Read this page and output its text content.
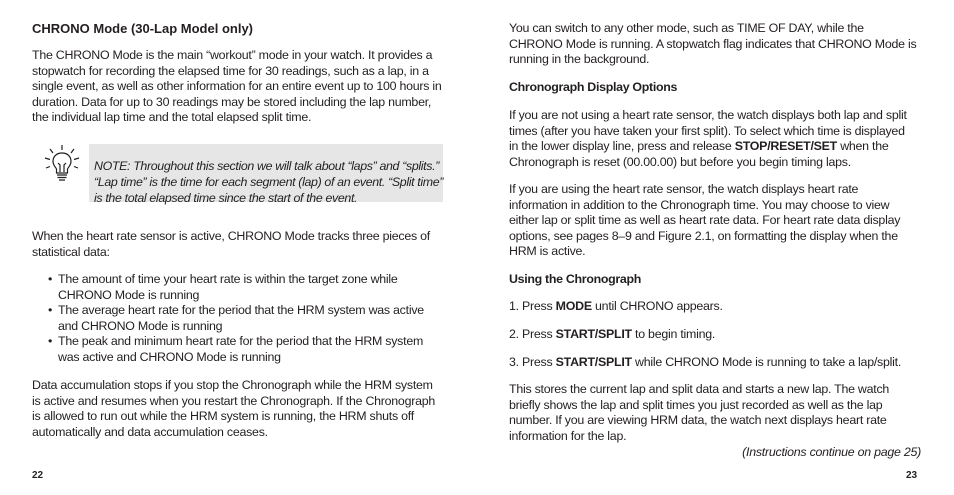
CHRONO Mode (30-Lap Model only)

The CHRONO Mode is the main “workout” mode in your watch. It provides a stopwatch for recording the elapsed time for 30 readings, such as a lap, in a single event, as well as other information for an entire event up to 100 hours in duration. Data for up to 30 readings may be stored including the lap number, the individual lap time and the total elapsed split time.

NOTE: Throughout this section we will talk about “laps” and “splits.” “Lap time” is the time for each segment (lap) of an event. “Split time” is the total elapsed time since the start of the event.

When the heart rate sensor is active, CHRONO Mode tracks three pieces of statistical data:

• The amount of time your heart rate is within the target zone while CHRONO Mode is running
• The average heart rate for the period that the HRM system was active and CHRONO Mode is running
• The peak and minimum heart rate for the period that the HRM system was active and CHRONO Mode is running

Data accumulation stops if you stop the Chronograph while the HRM system is active and resumes when you restart the Chronograph. If the Chronograph is allowed to run out while the HRM system is running, the HRM shuts off automatically and data accumulation ceases.

22

You can switch to any other mode, such as TIME OF DAY, while the CHRONO Mode is running. A stopwatch flag indicates that CHRONO Mode is running in the background.

Chronograph Display Options

If you are not using a heart rate sensor, the watch displays both lap and split times (after you have taken your first split). To select which time is displayed in the lower display line, press and release STOP/RESET/SET when the Chronograph is reset (00.00.00) but before you begin timing laps.

If you are using the heart rate sensor, the watch displays heart rate information in addition to the Chronograph time. You may choose to view either lap or split time as well as heart rate data. For heart rate data display options, see pages 8–9 and Figure 2.1, on formatting the display when the HRM is active.

Using the Chronograph

1. Press MODE until CHRONO appears.

2. Press START/SPLIT to begin timing.

3. Press START/SPLIT while CHRONO Mode is running to take a lap/split.

This stores the current lap and split data and starts a new lap. The watch briefly shows the lap and split times you just recorded as well as the lap number. If you are viewing HRM data, the watch next displays heart rate information for the lap.

(Instructions continue on page 25)

23
